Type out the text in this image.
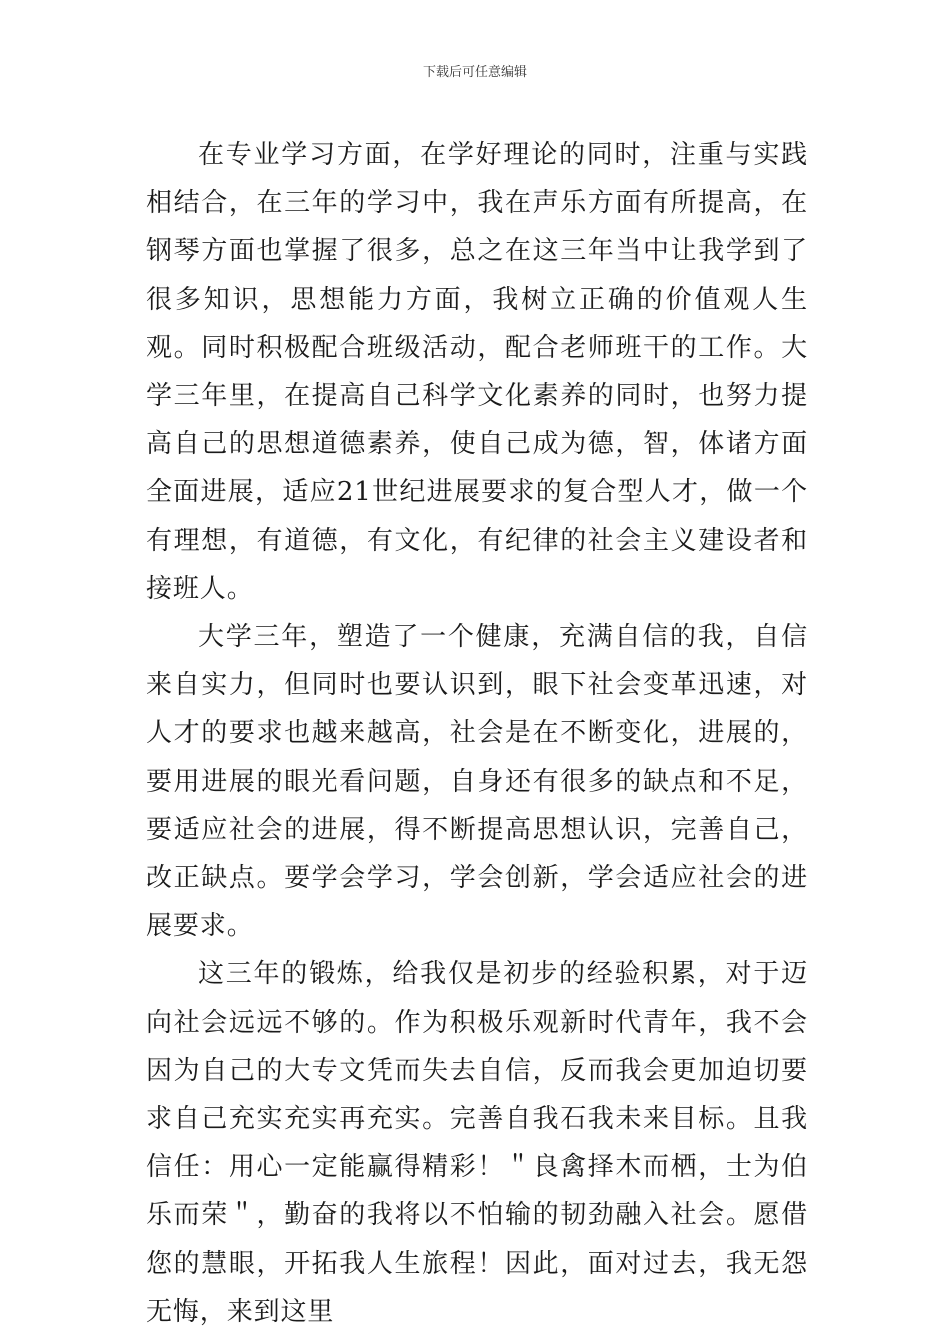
下载后可任意编辑

在专业学习方面，在学好理论的同时，注重与实践相结合，在三年的学习中，我在声乐方面有所提高，在钢琴方面也掌握了很多，总之在这三年当中让我学到了很多知识，思想能力方面，我树立正确的价值观人生观。同时积极配合班级活动，配合老师班干的工作。大学三年里，在提高自己科学文化素养的同时，也努力提高自己的思想道德素养，使自己成为德，智，体诸方面全面进展，适应21世纪进展要求的复合型人才，做一个有理想，有道德，有文化，有纪律的社会主义建设者和接班人。

大学三年，塑造了一个健康，充满自信的我，自信来自实力，但同时也要认识到，眼下社会变革迅速，对人才的要求也越来越高，社会是在不断变化，进展的，要用进展的眼光看问题，自身还有很多的缺点和不足，要适应社会的进展，得不断提高思想认识，完善自己，改正缺点。要学会学习，学会创新，学会适应社会的进展要求。

这三年的锻炼，给我仅是初步的经验积累，对于迈向社会远远不够的。作为积极乐观新时代青年，我不会因为自己的大专文凭而失去自信，反而我会更加迫切要求自己充实充实再充实。完善自我石我未来目标。且我信任：用心一定能赢得精彩！＂良禽择木而栖，士为伯乐而荣＂，勤奋的我将以不怕输的韧劲融入社会。愿借您的慧眼，开拓我人生旅程！因此，面对过去，我无怨无悔，来到这里
